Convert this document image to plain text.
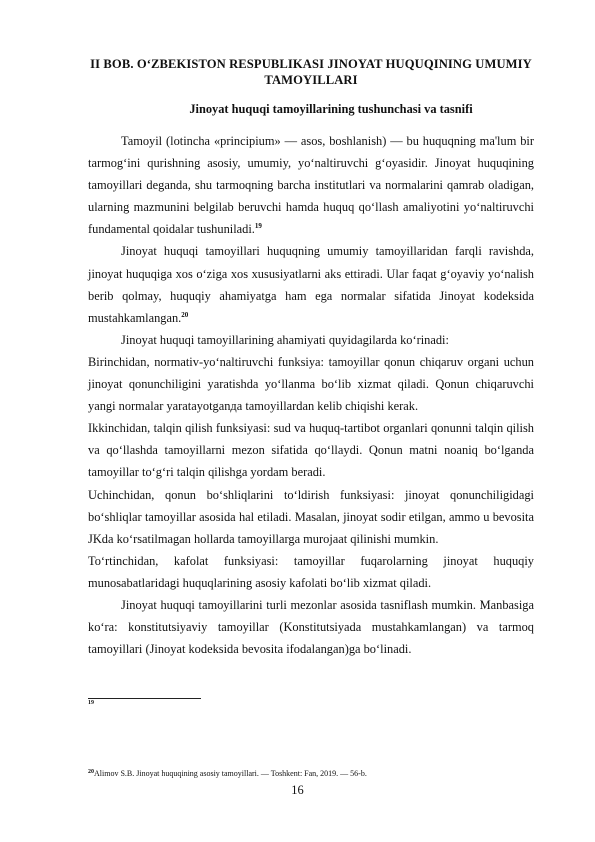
II BOB. O‘ZBEKISTON RESPUBLIKASI JINOYAT HUQUQINING UMUMIY TAMOYILLARI
Jinoyat huquqi tamoyillarining tushunchasi va tasnifi

Tamoyil (lotincha «principium» — asos, boshlanish) — bu huquqning ma'lum bir tarmog‘ini qurishning asosiy, umumiy, yo‘naltiruvchi g‘oyasidir. Jinoyat huquqining tamoyillari deganda, shu tarmoqning barcha institutlari va normalarini qamrab oladigan, ularning mazmunini belgilab beruvchi hamda huquq qo‘llash amaliyotini yo‘naltiruvchi fundamental qoidalar tushuniladi.$^{19}$

Jinoyat huquqi tamoyillari huquqning umumiy tamoyillaridan farqli ravishda, jinoyat huquqiga xos o‘ziga xos xususiyatlarni aks ettiradi. Ular faqat g‘oyaviy yo‘nalish berib qolmay, huquqiy ahamiyatga ham ega normalar sifatida Jinoyat kodeksida mustahkamlangan.$^{20}$

Jinoyat huquqi tamoyillarining ahamiyati quyidagilarda ko‘rinadi:

Birinchidan, normativ-yo‘naltiruvchi funksiya: tamoyillar qonun chiqaruv organi uchun jinoyat qonunchiligini yaratishda yo‘llanma bo‘lib xizmat qiladi. Qonun chiqaruvchi yangi normalar yaratayotganда tamoyillardan kelib chiqishi kerak.

Ikkinchidan, talqin qilish funksiyasi: sud va huquq-tartibot organlari qonunni talqin qilish va qo‘llashda tamoyillarni mezon sifatida qo‘llaydi. Qonun matni noaniq bo‘lganda tamoyillar to‘g‘ri talqin qilishga yordam beradi.

Uchinchidan, qonun bo‘shliqlarini to‘ldirish funksiyasi: jinoyat qonunchiligidagi bo‘shliqlar tamoyillar asosida hal etiladi. Masalan, jinoyat sodir etilgan, ammo u bevosita JKda ko‘rsatilmagan hollarda tamoyillarga murojaat qilinishi mumkin.

To‘rtinchidan, kafolat funksiyasi: tamoyillar fuqarolarning jinoyat huquqiy munosabatlaridagi huquqlarining asosiy kafolati bo‘lib xizmat qiladi.

Jinoyat huquqi tamoyillarini turli mezonlar asosida tasniflash mumkin. Manbasiga ko‘ra: konstitutsiyaviy tamoyillar (Konstitutsiyada mustahkamlangan) va tarmoq tamoyillari (Jinoyat kodeksida bevosita ifodalangan)ga bo‘linadi.

$^{19}$
$^{20}$Alimov S.B. Jinoyat huquqining asosiy tamoyillari. — Toshkent: Fan, 2019. — 56-b.
16
